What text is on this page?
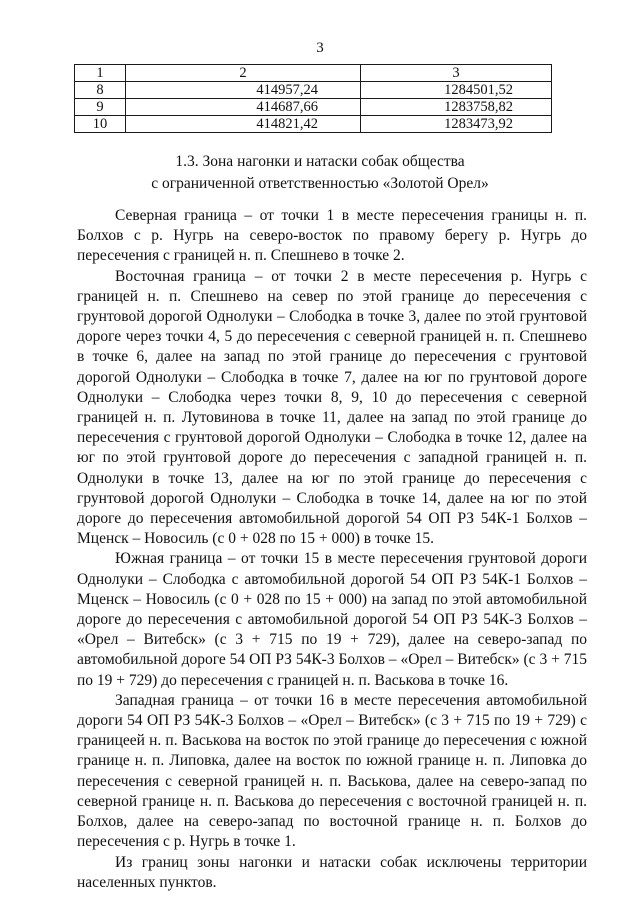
3
1	2	3
8	414957,24	1284501,52
9	414687,66	1283758,82
10	414821,42	1283473,92
1.3. Зона нагонки и натаски собак общества
с ограниченной ответственностью «Золотой Орел»

Северная граница – от точки 1 в месте пересечения границы н. п. Болхов с р. Нугрь на северо-восток по правому берегу р. Нугрь до пересечения с границей н. п. Спешнево в точке 2.

Восточная граница – от точки 2 в месте пересечения р. Нугрь с границей н. п. Спешнево на север по этой границе до пересечения с грунтовой дорогой Однолуки – Слободка в точке 3, далее по этой грунтовой дороге через точки 4, 5 до пересечения с северной границей н. п. Спешнево в точке 6, далее на запад по этой границе до пересечения с грунтовой дорогой Однолуки – Слободка в точке 7, далее на юг по грунтовой дороге Однолуки – Слободка через точки 8, 9, 10 до пересечения с северной границей н. п. Лутовинова в точке 11, далее на запад по этой границе до пересечения с грунтовой дорогой Однолуки – Слободка в точке 12, далее на юг по этой грунтовой дороге до пересечения с западной границей н. п. Однолуки в точке 13, далее на юг по этой границе до пересечения с грунтовой дорогой Однолуки – Слободка в точке 14, далее на юг по этой дороге до пересечения автомобильной дорогой 54 ОП РЗ 54К-1 Болхов – Мценск – Новосиль (с 0 + 028 по 15 + 000) в точке 15.

Южная граница – от точки 15 в месте пересечения грунтовой дороги Однолуки – Слободка с автомобильной дорогой 54 ОП РЗ 54К-1 Болхов – Мценск – Новосиль (с 0 + 028 по 15 + 000) на запад по этой автомобильной дороге до пересечения с автомобильной дорогой 54 ОП РЗ 54К-3 Болхов – «Орел – Витебск» (с 3 + 715 по 19 + 729), далее на северо-запад по автомобильной дороге 54 ОП РЗ 54К-3 Болхов – «Орел – Витебск» (с 3 + 715 по 19 + 729) до пересечения с границей н. п. Васькова в точке 16.

Западная граница – от точки 16 в месте пересечения автомобильной дороги 54 ОП РЗ 54К-3 Болхов – «Орел – Витебск» (с 3 + 715 по 19 + 729) с границеей н. п. Васькова на восток по этой границе до пересечения с южной границе н. п. Липовка, далее на восток по южной границе н. п. Липовка до пересечения с северной границей н. п. Васькова, далее на северо-запад по северной границе н. п. Васькова до пересечения с восточной границей н. п. Болхов, далее на северо-запад по восточной границе н. п. Болхов до пересечения с р. Нугрь в точке 1.

Из границ зоны нагонки и натаски собак исключены территории населенных пунктов.
